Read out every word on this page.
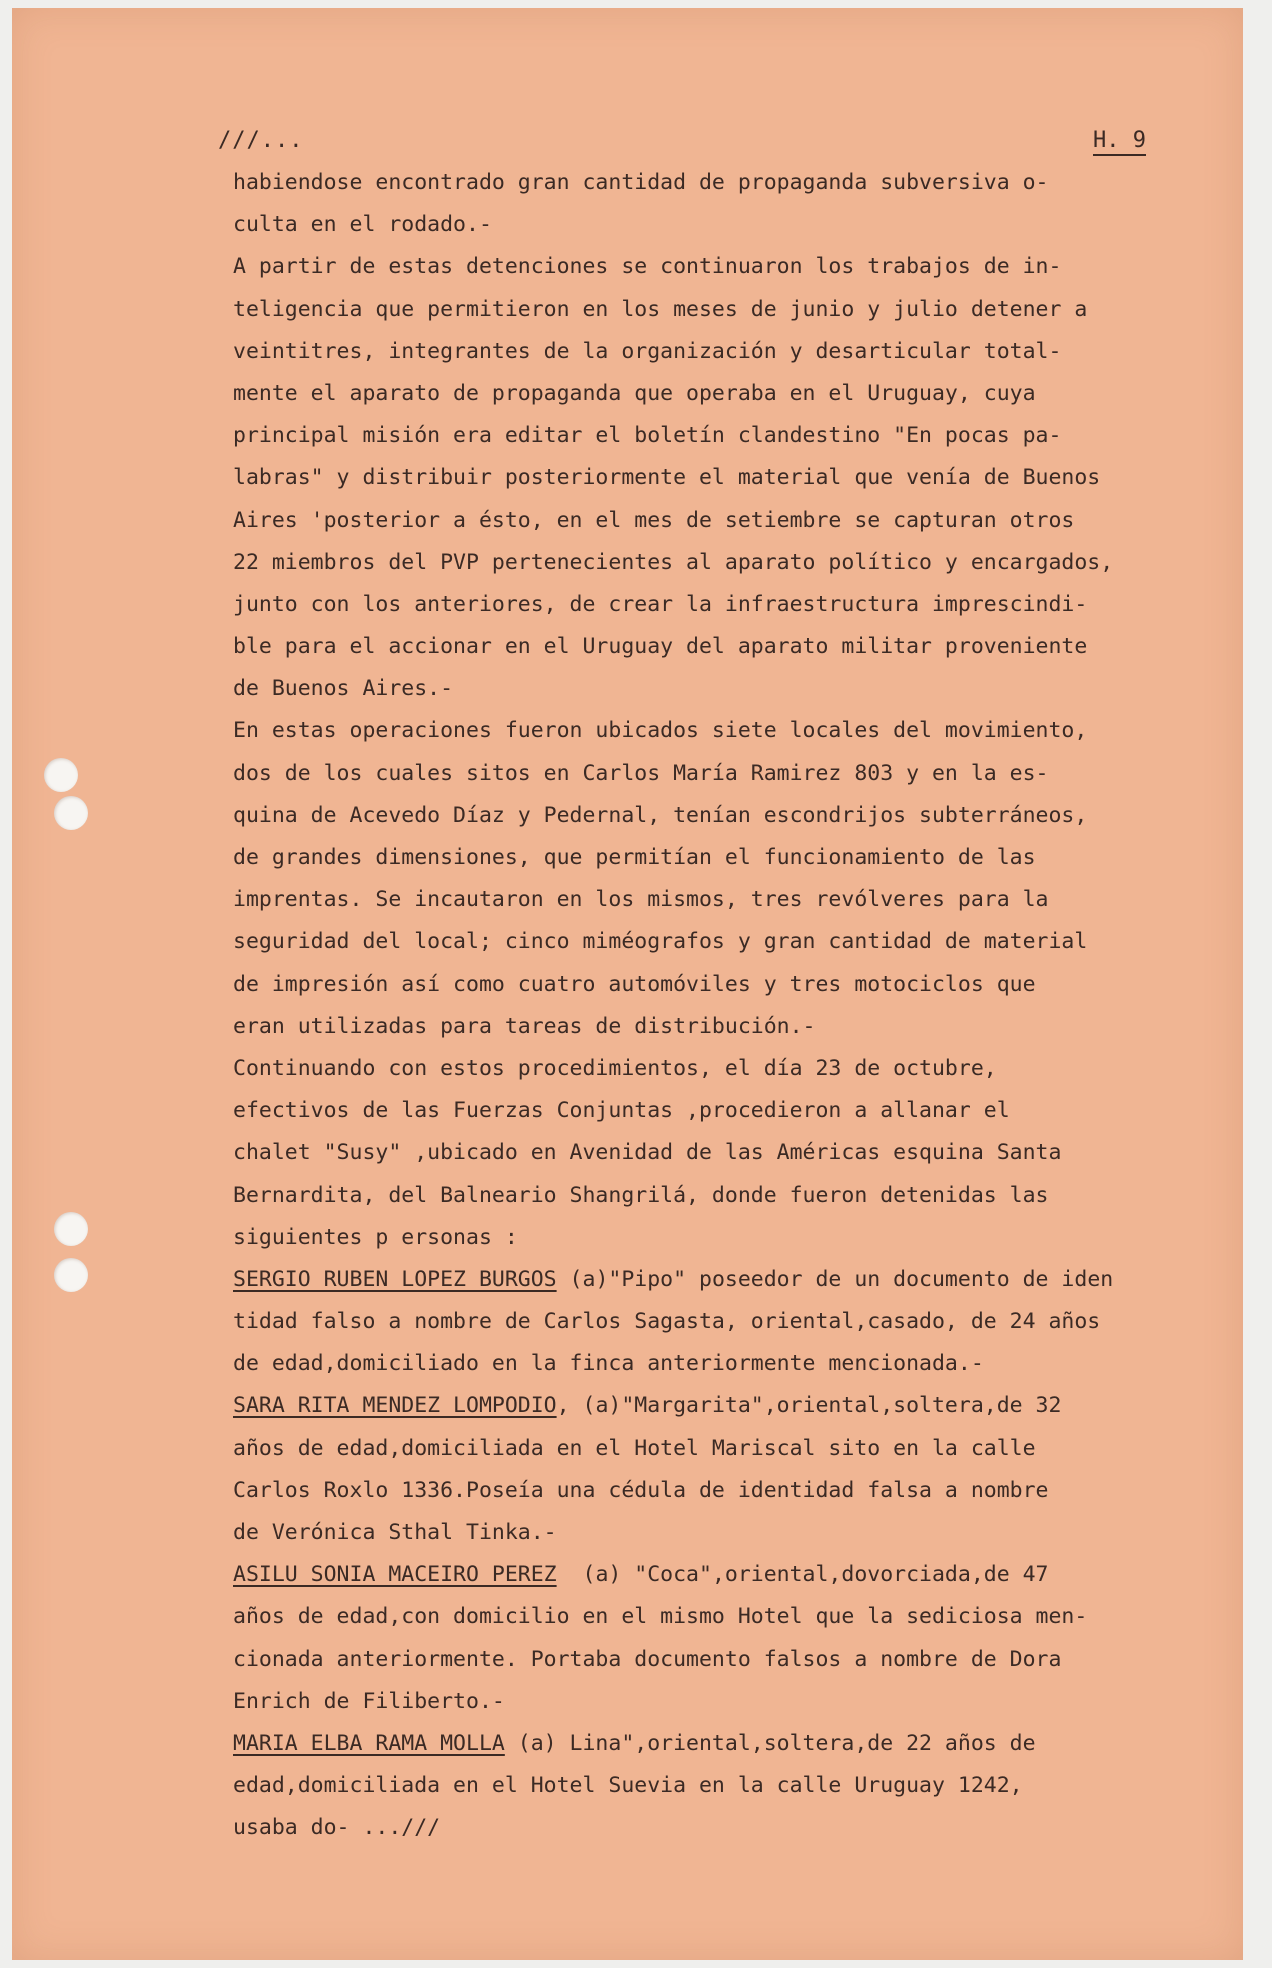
///...	H. 9
habiendose encontrado gran cantidad de propaganda subversiva o-
culta en el rodado.-
A partir de estas detenciones se continuaron los trabajos de in-
teligencia que permitieron en los meses de junio y julio detener a
veintitres, integrantes de la organización y desarticular total-
mente el aparato de propaganda que operaba en el Uruguay, cuya
principal misión era editar el boletín clandestino "En pocas pa-
labras" y distribuir posteriormente el material que venía de Buenos
Aires 'posterior a ésto, en el mes de setiembre se capturan otros
22 miembros del PVP pertenecientes al aparato político y encargados,
junto con los anteriores, de crear la infraestructura imprescindi-
ble para el accionar en el Uruguay del aparato militar proveniente
de Buenos Aires.-
En estas operaciones fueron ubicados siete locales del movimiento,
dos de los cuales sitos en Carlos María Ramirez 803 y en la es-
quina de Acevedo Díaz y Pedernal, tenían escondrijos subterráneos,
de grandes dimensiones, que permitían el funcionamiento de las
imprentas. Se incautaron en los mismos, tres revólveres para la
seguridad del local; cinco miméografos y gran cantidad de material
de impresión así como cuatro automóviles y tres motociclos que
eran utilizadas para tareas de distribución.-
Continuando con estos procedimientos, el día 23 de octubre,
efectivos de las Fuerzas Conjuntas ,procedieron a allanar el
chalet "Susy" ,ubicado en Avenidad de las Américas esquina Santa
Bernardita, del Balneario Shangrilá, donde fueron detenidas las
siguientes p ersonas :
SERGIO RUBEN LOPEZ BURGOS (a)"Pipo" poseedor de un documento de iden
tidad falso a nombre de Carlos Sagasta, oriental,casado, de 24 años
de edad,domiciliado en la finca anteriormente mencionada.-
SARA RITA MENDEZ LOMPODIO, (a)"Margarita",oriental,soltera,de 32
años de edad,domiciliada en el Hotel Mariscal sito en la calle
Carlos Roxlo 1336.Poseía una cédula de identidad falsa a nombre
de Verónica Sthal Tinka.-
ASILU SONIA MACEIRO PEREZ  (a) "Coca",oriental,dovorciada,de 47
años de edad,con domicilio en el mismo Hotel que la sediciosa men-
cionada anteriormente. Portaba documento falsos a nombre de Dora
Enrich de Filiberto.-
MARIA ELBA RAMA MOLLA (a) Lina",oriental,soltera,de 22 años de
edad,domiciliada en el Hotel Suevia en la calle Uruguay 1242,
usaba do- ...///
